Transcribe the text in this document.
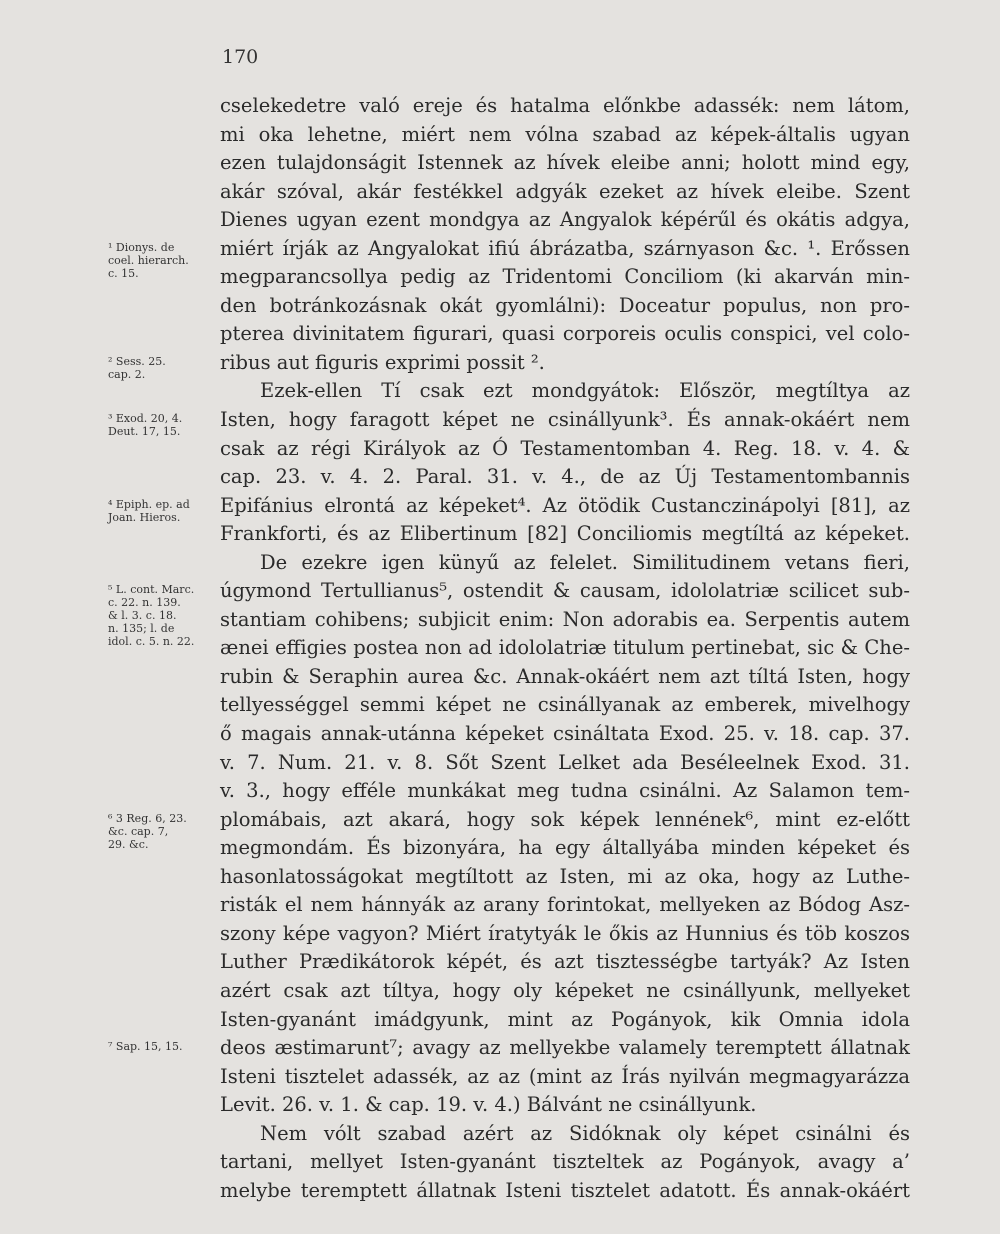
170
cselekedetre való ereje és hatalma előnkbe adassék: nem látom,
mi oka lehetne, miért nem vólna szabad az képek-általis ugyan
ezen tulajdonságit Istennek az hívek eleibe anni; holott mind egy,
akár szóval, akár festékkel adgyák ezeket az hívek eleibe. Szent
Dienes ugyan ezent mondgya az Angyalok képérűl és okátis adgya,
miért írják az Angyalokat ifiú ábrázatba, szárnyason &c. ¹. Erőssen
megparancsollya pedig az Tridentomi Conciliom (ki akarván min-
den botránkozásnak okát gyomlálni): Doceatur populus, non pro-
pterea divinitatem figurari, quasi corporeis oculis conspici, vel colo-
ribus aut figuris exprimi possit ².
Ezek-ellen Tí csak ezt mondgyátok: Először, megtíltya az
Isten, hogy faragott képet ne csinállyunk³. És annak-okáért nem
csak az régi Királyok az Ó Testamentomban 4. Reg. 18. v. 4. &
cap. 23. v. 4. 2. Paral. 31. v. 4., de az Új Testamentombannis
Epifánius elrontá az képeket⁴. Az ötödik Custanczinápolyi [81], az
Frankforti, és az Elibertinum [82] Conciliomis megtíltá az képeket.
De ezekre igen künyű az felelet. Similitudinem vetans fieri,
úgymond Tertullianus⁵, ostendit & causam, idololatriæ scilicet sub-
stantiam cohibens; subjicit enim: Non adorabis ea. Serpentis autem
ænei effigies postea non ad idololatriæ titulum pertinebat, sic & Che-
rubin & Seraphin aurea &c. Annak-okáért nem azt tíltá Isten, hogy
tellyességgel semmi képet ne csinállyanak az emberek, mivelhogy
ő magais annak-utánna képeket csináltata Exod. 25. v. 18. cap. 37.
v. 7. Num. 21. v. 8. Sőt Szent Lelket ada Beséleelnek Exod. 31.
v. 3., hogy efféle munkákat meg tudna csinálni. Az Salamon tem-
plomábais, azt akará, hogy sok képek lennének⁶, mint ez-előtt
megmondám. És bizonyára, ha egy általlyába minden képeket és
hasonlatosságokat megtíltott az Isten, mi az oka, hogy az Luthe-
risták el nem hánnyák az arany forintokat, mellyeken az Bódog Asz-
szony képe vagyon? Miért íratytyák le őkis az Hunnius és töb koszos
Luther Prædikátorok képét, és azt tisztességbe tartyák? Az Isten
azért csak azt tíltya, hogy oly képeket ne csinállyunk, mellyeket
Isten-gyanánt imádgyunk, mint az Pogányok, kik Omnia idola
deos æstimarunt⁷; avagy az mellyekbe valamely teremptett állatnak
Isteni tisztelet adassék, az az (mint az Írás nyilván megmagyarázza
Levit. 26. v. 1. & cap. 19. v. 4.) Bálvánt ne csinállyunk.
Nem vólt szabad azért az Sidóknak oly képet csinálni és
tartani, mellyet Isten-gyanánt tiszteltek az Pogányok, avagy a’
melybe teremptett állatnak Isteni tisztelet adatott. És annak-okáért
¹ Dionys. de
coel. hierarch.
c. 15.
² Sess. 25.
cap. 2.
³ Exod. 20, 4.
Deut. 17, 15.
⁴ Epiph. ep. ad
Joan. Hieros.
⁵ L. cont. Marc.
c. 22. n. 139.
& l. 3. c. 18.
n. 135; l. de
idol. c. 5. n. 22.
⁶ 3 Reg. 6, 23.
&c. cap. 7,
29. &c.
⁷ Sap. 15, 15.
